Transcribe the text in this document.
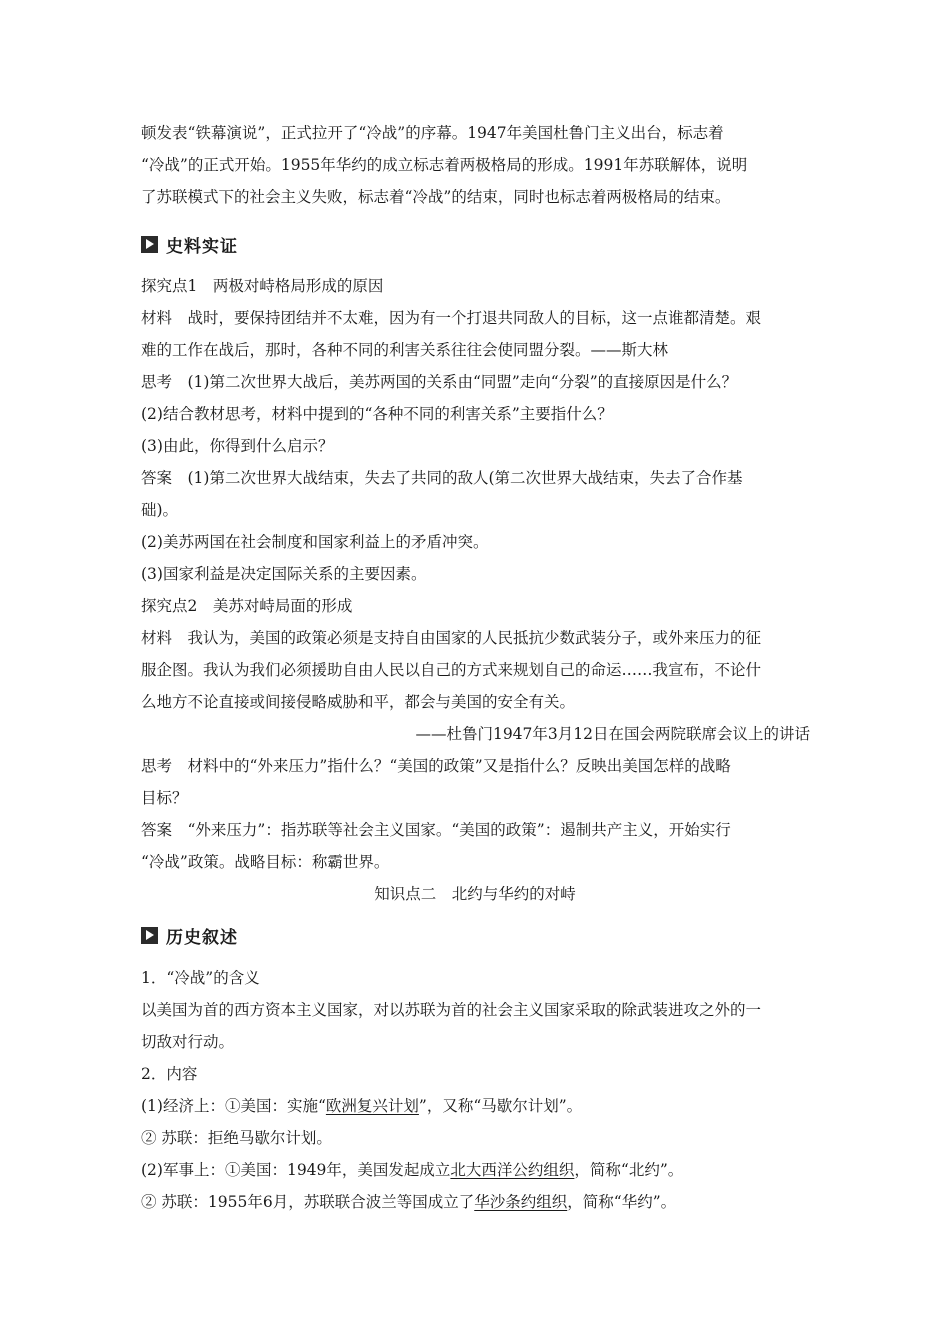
顿发表“铁幕演说”，正式拉开了“冷战”的序幕。1947年美国杜鲁门主义出台，标志着
“冷战”的正式开始。1955年华约的成立标志着两极格局的形成。1991年苏联解体，说明
了苏联模式下的社会主义失败，标志着“冷战”的结束，同时也标志着两极格局的结束。
史料实证
探究点1　两极对峙格局形成的原因
材料　战时，要保持团结并不太难，因为有一个打退共同敌人的目标，这一点谁都清楚。艰
难的工作在战后，那时，各种不同的利害关系往往会使同盟分裂。——斯大林
思考　(1)第二次世界大战后，美苏两国的关系由“同盟”走向“分裂”的直接原因是什么？
(2)结合教材思考，材料中提到的“各种不同的利害关系”主要指什么？
(3)由此，你得到什么启示？
答案　(1)第二次世界大战结束，失去了共同的敌人(第二次世界大战结束，失去了合作基
础)。
(2)美苏两国在社会制度和国家利益上的矛盾冲突。
(3)国家利益是决定国际关系的主要因素。
探究点2　美苏对峙局面的形成
材料　我认为，美国的政策必须是支持自由国家的人民抵抗少数武装分子，或外来压力的征
服企图。我认为我们必须援助自由人民以自己的方式来规划自己的命运……我宣布，不论什
么地方不论直接或间接侵略威胁和平，都会与美国的安全有关。
——杜鲁门1947年3月12日在国会两院联席会议上的讲话
思考　材料中的“外来压力”指什么？“美国的政策”又是指什么？反映出美国怎样的战略
目标？
答案　“外来压力”：指苏联等社会主义国家。“美国的政策”：遏制共产主义，开始实行
“冷战”政策。战略目标：称霸世界。
知识点二　北约与华约的对峙
历史叙述
1．“冷战”的含义
以美国为首的西方资本主义国家，对以苏联为首的社会主义国家采取的除武装进攻之外的一
切敌对行动。
2．内容
(1)经济上：①美国：实施“欧洲复兴计划”，又称“马歇尔计划”。
② 苏联：拒绝马歇尔计划。
(2)军事上：①美国：1949年，美国发起成立北大西洋公约组织，简称“北约”。
② 苏联：1955年6月，苏联联合波兰等国成立了华沙条约组织，简称“华约”。
